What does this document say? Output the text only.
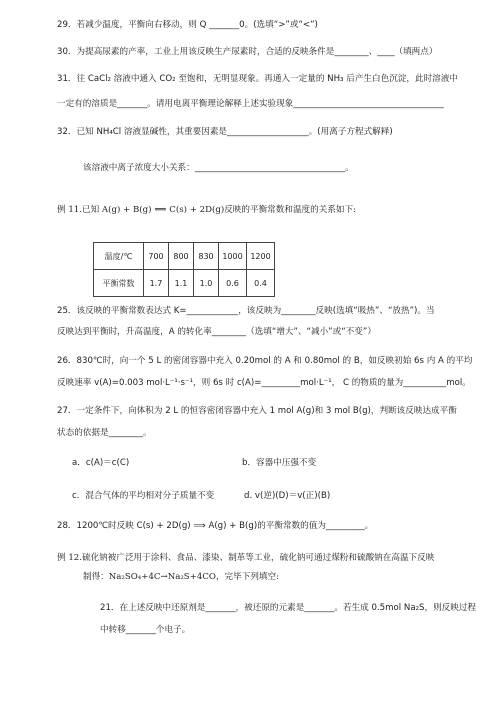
29．若减少温度，平衡向右移动，则 Q _______0。(选填“>”或“<”)
30．为提高尿素的产率，工业上用该反映生产尿素时，合适的反映条件是________、____（填两点）
31．往 CaCl₂ 溶液中通入 CO₂ 至饱和，无明显现象。再通入一定量的 NH₃ 后产生白色沉淀，此时溶液中
一定有的溶质是_______。请用电离平衡理论解释上述实验现象___________________________________
32．已知 NH₄Cl 溶液显碱性，其重要因素是___________________。(用离子方程式解释)
该溶液中离子浓度大小关系：___________________________________。
例 11.已知 A(g) + B(g) ⟺ C(s) + 2D(g)反映的平衡常数和温度的关系如下:
温度/℃	700	800	830	1000	1200
平衡常数	1.7	1.1	1.0	0.6	0.4
25．该反映的平衡常数表达式 K=____________，该反映为________反映(选填“吸热”、“放热”)。当
反映达到平衡时，升高温度，A 的转化率________（选填“增大”、“减小”或“不变”）
26．830℃时，向一个 5 L 的密闭容器中充入 0.20mol 的 A 和 0.80mol 的 B，如反映初始 6s 内 A 的平均
反映速率 v(A)=0.003 mol·L⁻¹·s⁻¹，则 6s 时 c(A)=_________mol·L⁻¹， C 的物质的量为__________mol。
27．一定条件下，向体积为 2 L 的恒容密闭容器中充入 1 mol A(g)和 3 mol B(g)，判断该反映达成平衡
状态的依据是________。
a．c(A)＝c(C)	b．容器中压强不变
c．混合气体的平均相对分子质量不变	d. v(逆)(D)＝v(正)(B)
28．1200℃时反映 C(s) + 2D(g) ⟹ A(g) + B(g)的平衡常数的值为_________。
例 12.硫化钠被广泛用于涂料、食品、漆染、制革等工业，硫化钠可通过煤粉和硫酸钠在高温下反映
制得：Na₂SO₄+4C→Na₂S+4CO，完毕下列填空:
21．在上述反映中还原剂是_______，被还原的元素是_______。若生成 0.5mol Na₂S，则反映过程
中转移_______个电子。
